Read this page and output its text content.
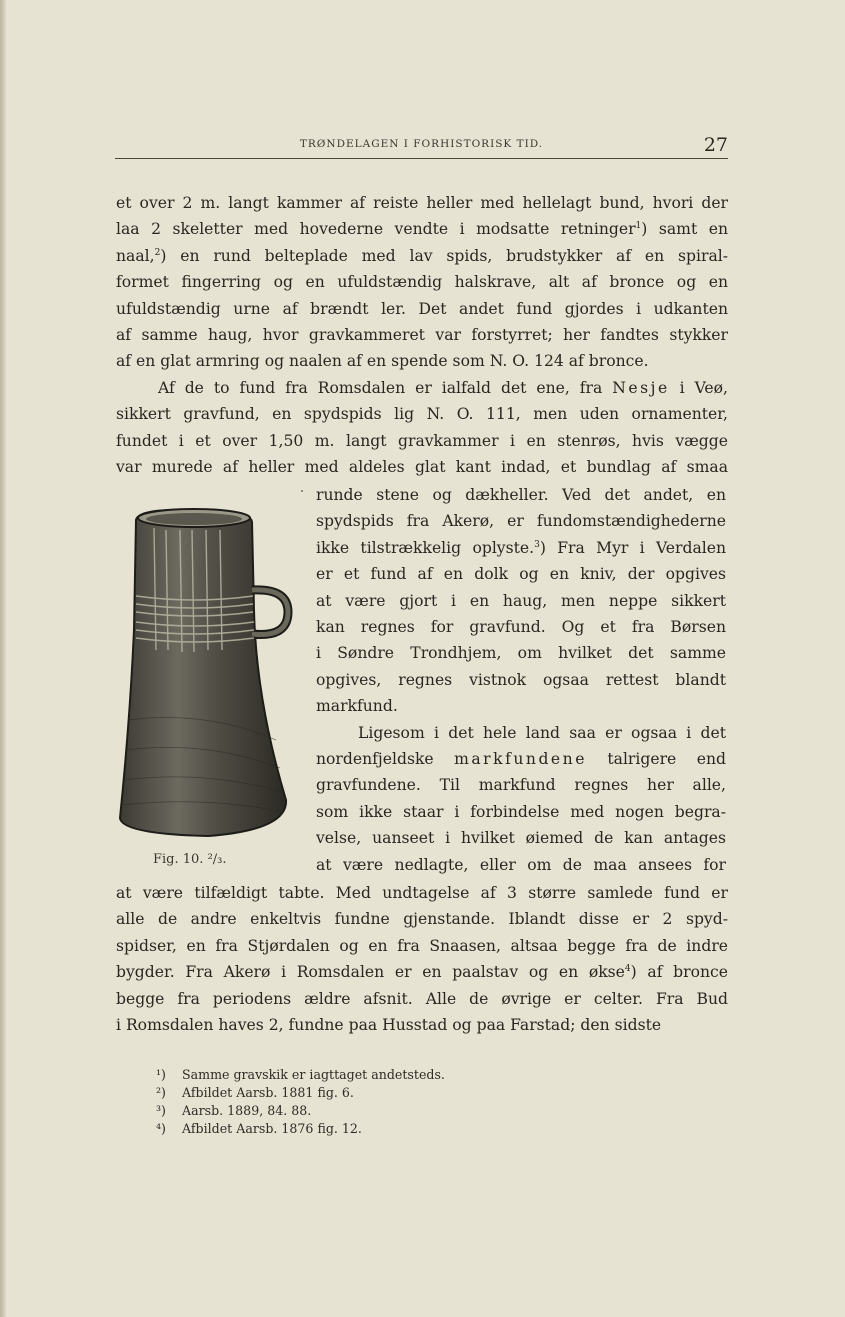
TRØNDELAGEN I FORHISTORISK TID.	27
et over 2 m. langt kammer af reiste heller med hellelagt bund, hvori der
laa 2 skeletter med hovederne vendte i modsatte retninger$^1$) samt en
naal,$^2$) en rund belteplade med lav spids, brudstykker af en spiral-
formet fingerring og en ufuldstændig halskrave, alt af bronce og en
ufuldstændig urne af brændt ler. Det andet fund gjordes i udkanten
af samme haug, hvor gravkammeret var forstyrret; her fandtes stykker
af en glat armring og naalen af en spende som N. O. 124 af bronce.
Af de to fund fra Romsdalen er ialfald det ene, fra Nesje i Veø,
sikkert gravfund, en spydspids lig N. O. 111, men uden ornamenter,
fundet i et over 1,50 m. langt gravkammer i en stenrøs, hvis vægge
var murede af heller med aldeles glat kant indad, et bundlag af smaa
Fig. 10. ²/₃.
runde stene og dækheller. Ved det andet, en
spydspids fra Akerø, er fundomstændighederne
ikke tilstrækkelig oplyste.$^3$) Fra Myr i Verdalen
er et fund af en dolk og en kniv, der opgives
at være gjort i en haug, men neppe sikkert
kan regnes for gravfund. Og et fra Børsen
i Søndre Trondhjem, om hvilket det samme
opgives, regnes vistnok ogsaa rettest blandt
markfund.
Ligesom i det hele land saa er ogsaa i det
nordenfjeldske markfundene talrigere end
gravfundene. Til markfund regnes her alle,
som ikke staar i forbindelse med nogen begra-
velse, uanseet i hvilket øiemed de kan antages
at være nedlagte, eller om de maa ansees for
at være tilfældigt tabte. Med undtagelse af 3 større samlede fund er
alle de andre enkeltvis fundne gjenstande. Iblandt disse er 2 spyd-
spidser, en fra Stjørdalen og en fra Snaasen, altsaa begge fra de indre
bygder. Fra Akerø i Romsdalen er en paalstav og en økse$^4$) af bronce
begge fra periodens ældre afsnit. Alle de øvrige er celter. Fra Bud
i Romsdalen haves 2, fundne paa Husstad og paa Farstad; den sidste
¹) Samme gravskik er iagttaget andetsteds.
²) Afbildet Aarsb. 1881 fig. 6.
³) Aarsb. 1889, 84. 88.
⁴) Afbildet Aarsb. 1876 fig. 12.
